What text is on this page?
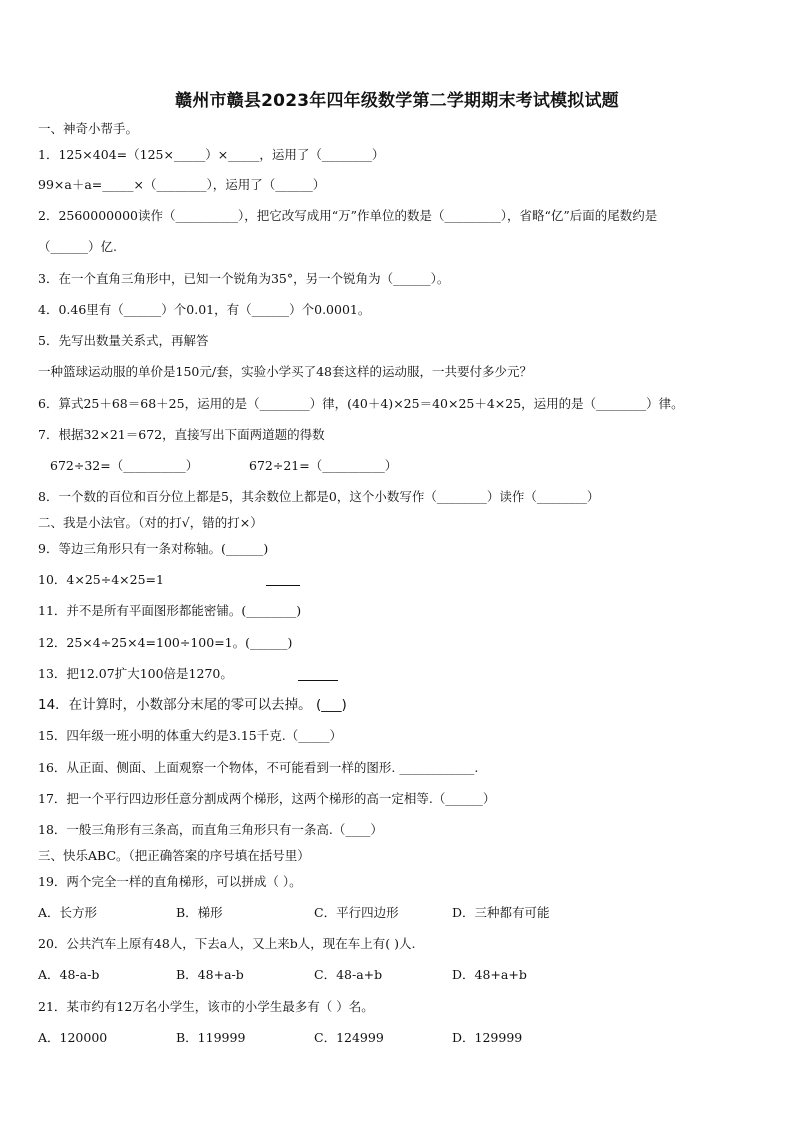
赣州市赣县2023年四年级数学第二学期期末考试模拟试题
一、神奇小帮手。
1．125×404=（125×_____）×_____，运用了（________）
99×a＋a=_____×（________），运用了（______）
2．2560000000读作（__________），把它改写成用“万”作单位的数是（_________），省略“亿”后面的尾数约是
（______）亿.
3．在一个直角三角形中，已知一个锐角为35°，另一个锐角为（______）。
4．0.46里有（______）个0.01，有（______）个0.0001。
5．先写出数量关系式，再解答
一种篮球运动服的单价是150元/套，实验小学买了48套这样的运动服，一共要付多少元？
6．算式25＋68＝68＋25，运用的是（________）律，(40＋4)×25＝40×25＋4×25，运用的是（________）律。
7．根据32×21＝672，直接写出下面两道题的得数
672÷32=（__________）	672÷21=（__________）
8．一个数的百位和百分位上都是5，其余数位上都是0，这个小数写作（________）读作（________）
二、我是小法官。（对的打√，错的打×）
9．等边三角形只有一条对称轴。(______)
10．4×25÷4×25=1
11．并不是所有平面图形都能密铺。(________)
12．25×4÷25×4=100÷100=1。(______)
13．把12.07扩大100倍是1270。
14．在计算时，小数部分末尾的零可以去掉。 (___)
15．四年级一班小明的体重大约是3.15千克.（_____）
16．从正面、侧面、上面观察一个物体，不可能看到一样的图形. ____________.
17．把一个平行四边形任意分割成两个梯形，这两个梯形的高一定相等.（______）
18．一般三角形有三条高，而直角三角形只有一条高.（____）
三、快乐ABC。（把正确答案的序号填在括号里）
19．两个完全一样的直角梯形，可以拼成（ ）。
A．长方形	B．梯形	C．平行四边形	D．三种都有可能
20．公共汽车上原有48人，下去a人，又上来b人，现在车上有( )人.
A．48-a-b	B．48+a-b	C．48-a+b	D．48+a+b
21．某市约有12万名小学生，该市的小学生最多有（ ）名。
A．120000	B．119999	C．124999	D．129999
